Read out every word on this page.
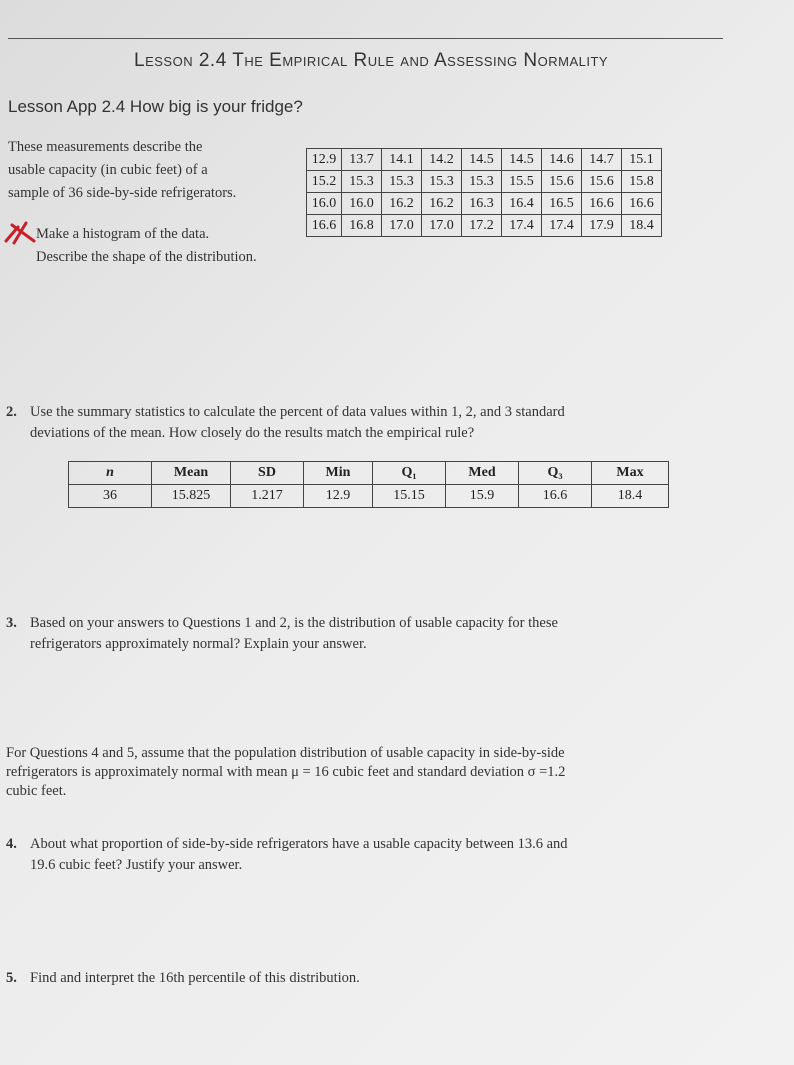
Lesson 2.4 The Empirical Rule and Assessing Normality
Lesson App 2.4 How big is your fridge?
These measurements describe the
usable capacity (in cubic feet) of a
sample of 36 side-by-side refrigerators.
12.9	13.7	14.1	14.2	14.5	14.5	14.6	14.7	15.1
15.2	15.3	15.3	15.3	15.3	15.5	15.6	15.6	15.8
16.0	16.0	16.2	16.2	16.3	16.4	16.5	16.6	16.6
16.6	16.8	17.0	17.0	17.2	17.4	17.4	17.9	18.4
Make a histogram of the data.
Describe the shape of the distribution.
2. Use the summary statistics to calculate the percent of data values within 1, 2, and 3 standard
deviations of the mean. How closely do the results match the empirical rule?
n	Mean	SD	Min	Q₁	Med	Q₃	Max
36	15.825	1.217	12.9	15.15	15.9	16.6	18.4
3. Based on your answers to Questions 1 and 2, is the distribution of usable capacity for these
refrigerators approximately normal? Explain your answer.
For Questions 4 and 5, assume that the population distribution of usable capacity in side-by-side
refrigerators is approximately normal with mean μ = 16 cubic feet and standard deviation σ =1.2
cubic feet.
4. About what proportion of side-by-side refrigerators have a usable capacity between 13.6 and
19.6 cubic feet? Justify your answer.
5. Find and interpret the 16th percentile of this distribution.
